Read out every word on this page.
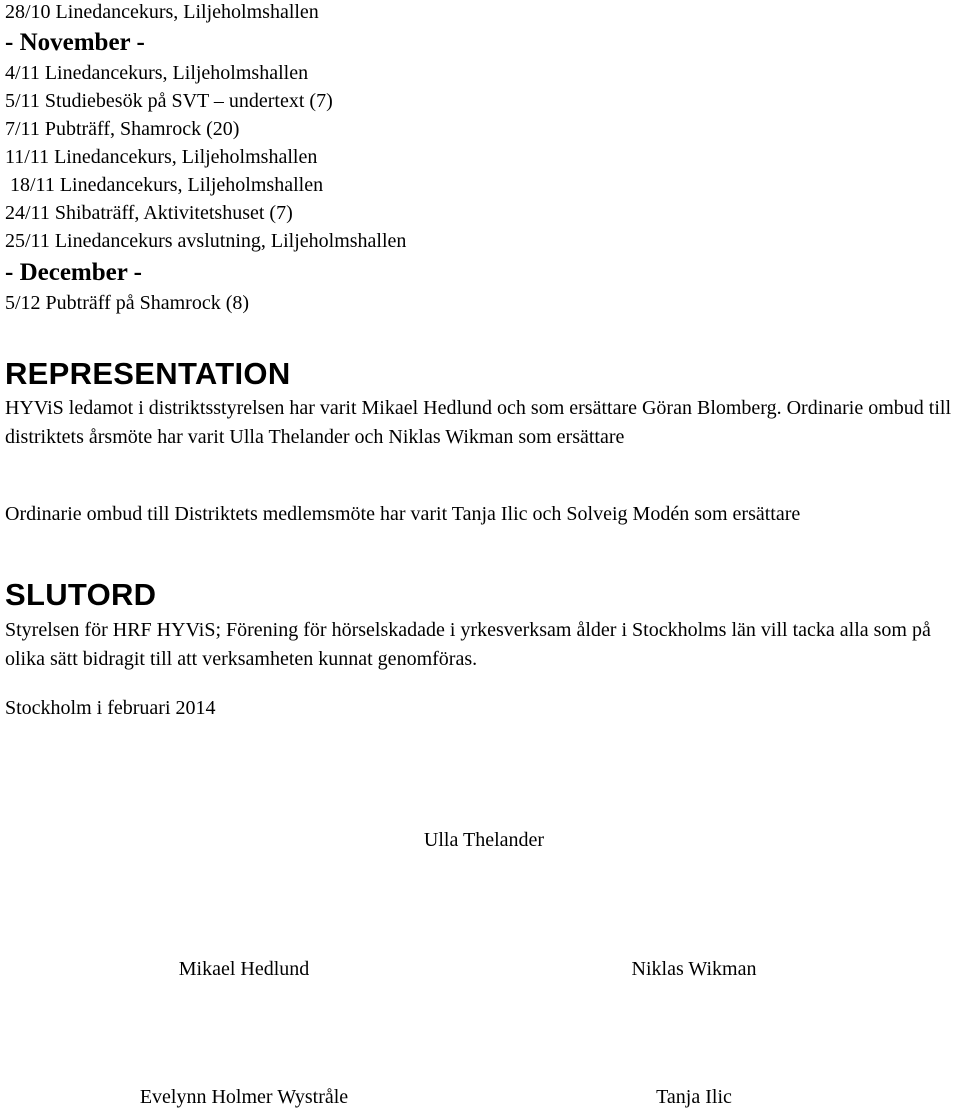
28/10 Linedancekurs, Liljeholmshallen
- November -
4/11 Linedancekurs, Liljeholmshallen
5/11 Studiebesök på SVT – undertext (7)
7/11 Pubträff, Shamrock (20)
11/11 Linedancekurs, Liljeholmshallen
18/11 Linedancekurs, Liljeholmshallen
24/11 Shibaträff, Aktivitetshuset (7)
25/11 Linedancekurs avslutning, Liljeholmshallen
- December -
5/12 Pubträff på Shamrock (8)
REPRESENTATION
HYViS ledamot i distriktsstyrelsen har varit Mikael Hedlund och som ersättare Göran Blomberg. Ordinarie ombud till distriktets årsmöte har varit Ulla Thelander och Niklas Wikman som ersättare
Ordinarie ombud till Distriktets medlemsmöte har varit Tanja Ilic och Solveig Modén som ersättare
SLUTORD
Styrelsen för HRF HYViS; Förening för hörselskadade i yrkesverksam ålder i Stockholms län vill tacka alla som på olika sätt bidragit till att verksamheten kunnat genomföras.
Stockholm i februari 2014
Ulla Thelander
Mikael Hedlund	Niklas Wikman
Evelynn Holmer Wystråle	Tanja Ilic
